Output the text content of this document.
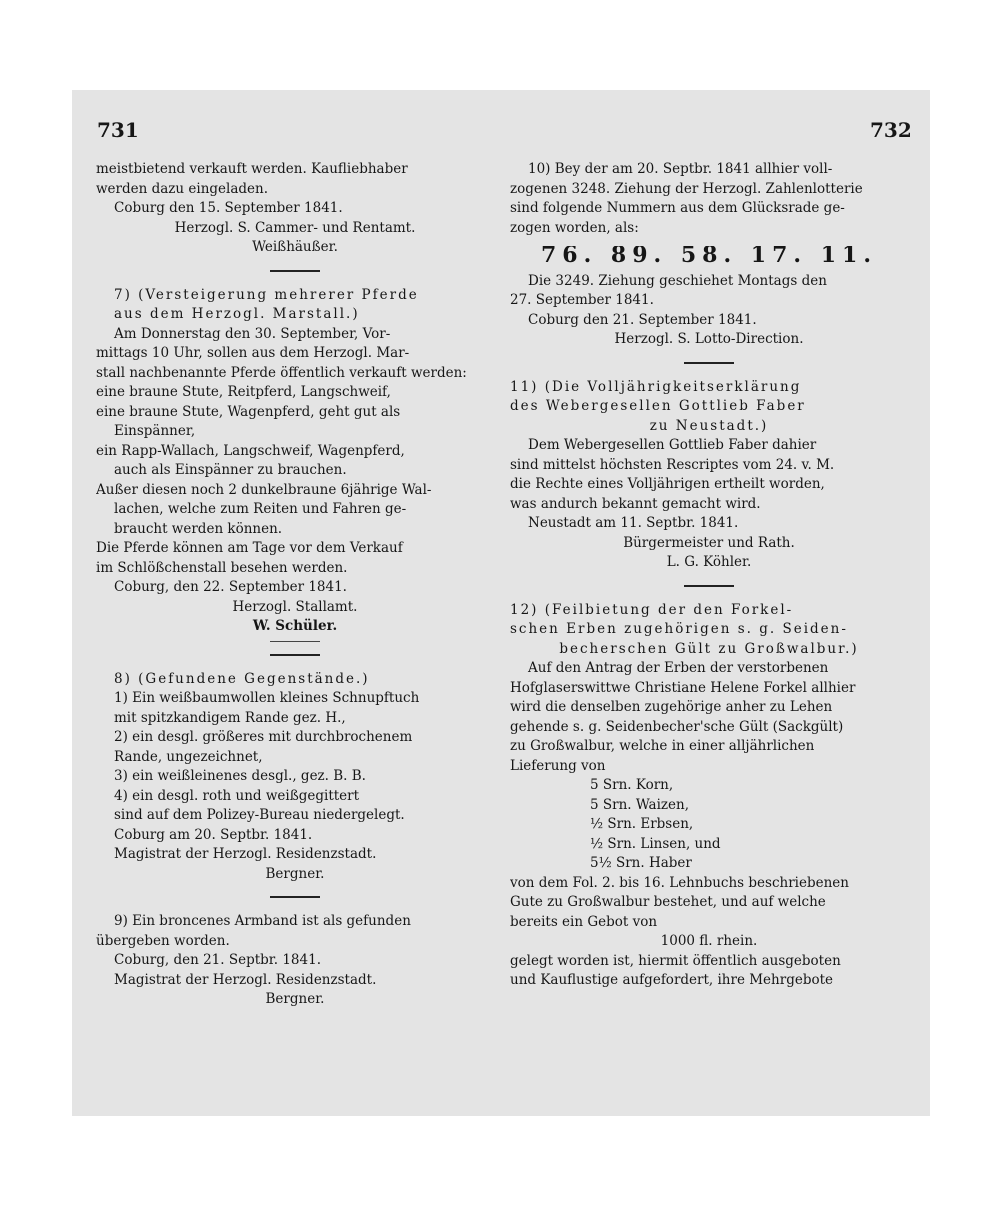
731	732
meistbietend verkauft werden. Kaufliebhaber
werden dazu eingeladen.
Coburg den 15. September 1841.
Herzogl. S. Cammer- und Rentamt.
Weißhäußer.
7) (Versteigerung mehrerer Pferde
aus dem Herzogl. Marstall.)
Am Donnerstag den 30. September, Vor-
mittags 10 Uhr, sollen aus dem Herzogl. Mar-
stall nachbenannte Pferde öffentlich verkauft werden:
eine braune Stute, Reitpferd, Langschweif,
eine braune Stute, Wagenpferd, geht gut als
Einspänner,
ein Rapp-Wallach, Langschweif, Wagenpferd,
auch als Einspänner zu brauchen.
Außer diesen noch 2 dunkelbraune 6jährige Wal-
lachen, welche zum Reiten und Fahren ge-
braucht werden können.
Die Pferde können am Tage vor dem Verkauf
im Schlößchenstall besehen werden.
Coburg, den 22. September 1841.
Herzogl. Stallamt.
W. Schüler.
8) (Gefundene Gegenstände.)
1) Ein weißbaumwollen kleines Schnupftuch
mit spitzkandigem Rande gez. H.,
2) ein desgl. größeres mit durchbrochenem
Rande, ungezeichnet,
3) ein weißleinenes desgl., gez. B. B.
4) ein desgl. roth und weißgegittert
sind auf dem Polizey-Bureau niedergelegt.
Coburg am 20. Septbr. 1841.
Magistrat der Herzogl. Residenzstadt.
Bergner.
9) Ein broncenes Armband ist als gefunden
übergeben worden.
Coburg, den 21. Septbr. 1841.
Magistrat der Herzogl. Residenzstadt.
Bergner.
10) Bey der am 20. Septbr. 1841 allhier voll-
zogenen 3248. Ziehung der Herzogl. Zahlenlotterie
sind folgende Nummern aus dem Glücksrade ge-
zogen worden, als:
76. 89. 58. 17. 11.
Die 3249. Ziehung geschiehet Montags den
27. September 1841.
Coburg den 21. September 1841.
Herzogl. S. Lotto-Direction.
11) (Die Volljährigkeitserklärung
des Webergesellen Gottlieb Faber
zu Neustadt.)
Dem Webergesellen Gottlieb Faber dahier
sind mittelst höchsten Rescriptes vom 24. v. M.
die Rechte eines Volljährigen ertheilt worden,
was andurch bekannt gemacht wird.
Neustadt am 11. Septbr. 1841.
Bürgermeister und Rath.
L. G. Köhler.
12) (Feilbietung der den Forkel-
schen Erben zugehörigen s. g. Seiden-
becherschen Gült zu Großwalbur.)
Auf den Antrag der Erben der verstorbenen
Hofglaserswittwe Christiane Helene Forkel allhier
wird die denselben zugehörige anher zu Lehen
gehende s. g. Seidenbecher'sche Gült (Sackgült)
zu Großwalbur, welche in einer alljährlichen
Lieferung von
5 Srn. Korn,
5 Srn. Waizen,
½ Srn. Erbsen,
½ Srn. Linsen, und
5½ Srn. Haber
von dem Fol. 2. bis 16. Lehnbuchs beschriebenen
Gute zu Großwalbur bestehet, und auf welche
bereits ein Gebot von
1000 fl. rhein.
gelegt worden ist, hiermit öffentlich ausgeboten
und Kauflustige aufgefordert, ihre Mehrgebote
